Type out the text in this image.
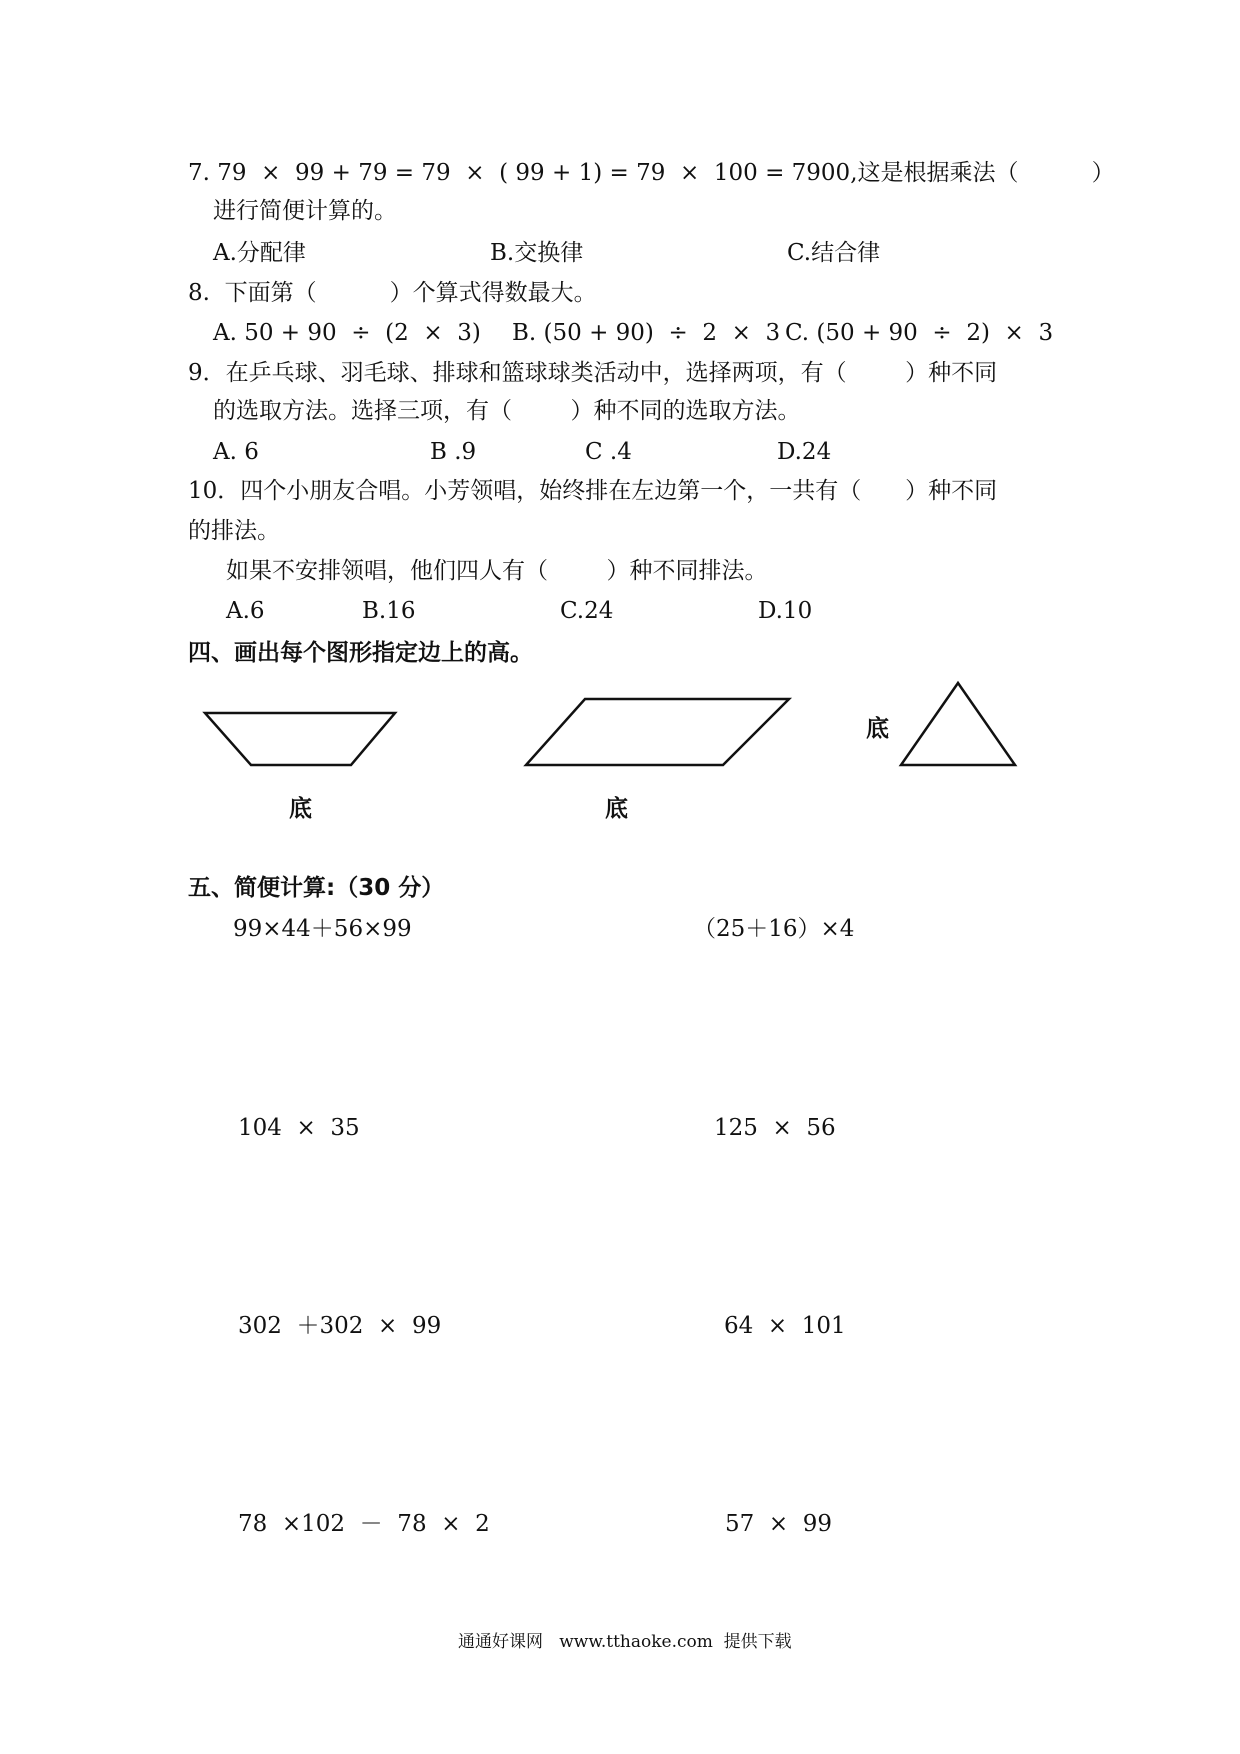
7. 79  ×  99 + 79 = 79  ×  ( 99 + 1) = 79  ×  100 = 7900,这是根据乘法（          ）
进行简便计算的。
A.分配律	B.交换律	C.结合律
8.  下面第（          ）个算式得数最大。
A. 50 + 90  ÷  (2  ×  3) B. (50 + 90)  ÷  2  ×  3 C. (50 + 90  ÷  2)  ×  3
9．在乒乓球、羽毛球、排球和篮球球类活动中，选择两项，有（        ）种不同
的选取方法。选择三项，有（        ）种不同的选取方法。
A. 6	B .9	C .4	D.24
10．四个小朋友合唱。小芳领唱，始终排在左边第一个，一共有（      ）种不同
的排法。
如果不安排领唱，他们四人有（        ）种不同排法。
A.6	B.16	C.24	D.10
四、画出每个图形指定边上的高。
底	底
底
五、简便计算:（30 分）
99×44＋56×99	（25＋16）×4
104  ×  35	125  ×  56
302  ＋302  ×  99	64  ×  101
78  ×102  －  78  ×  2	57  ×  99
通通好课网   www.tthaoke.com  提供下载
